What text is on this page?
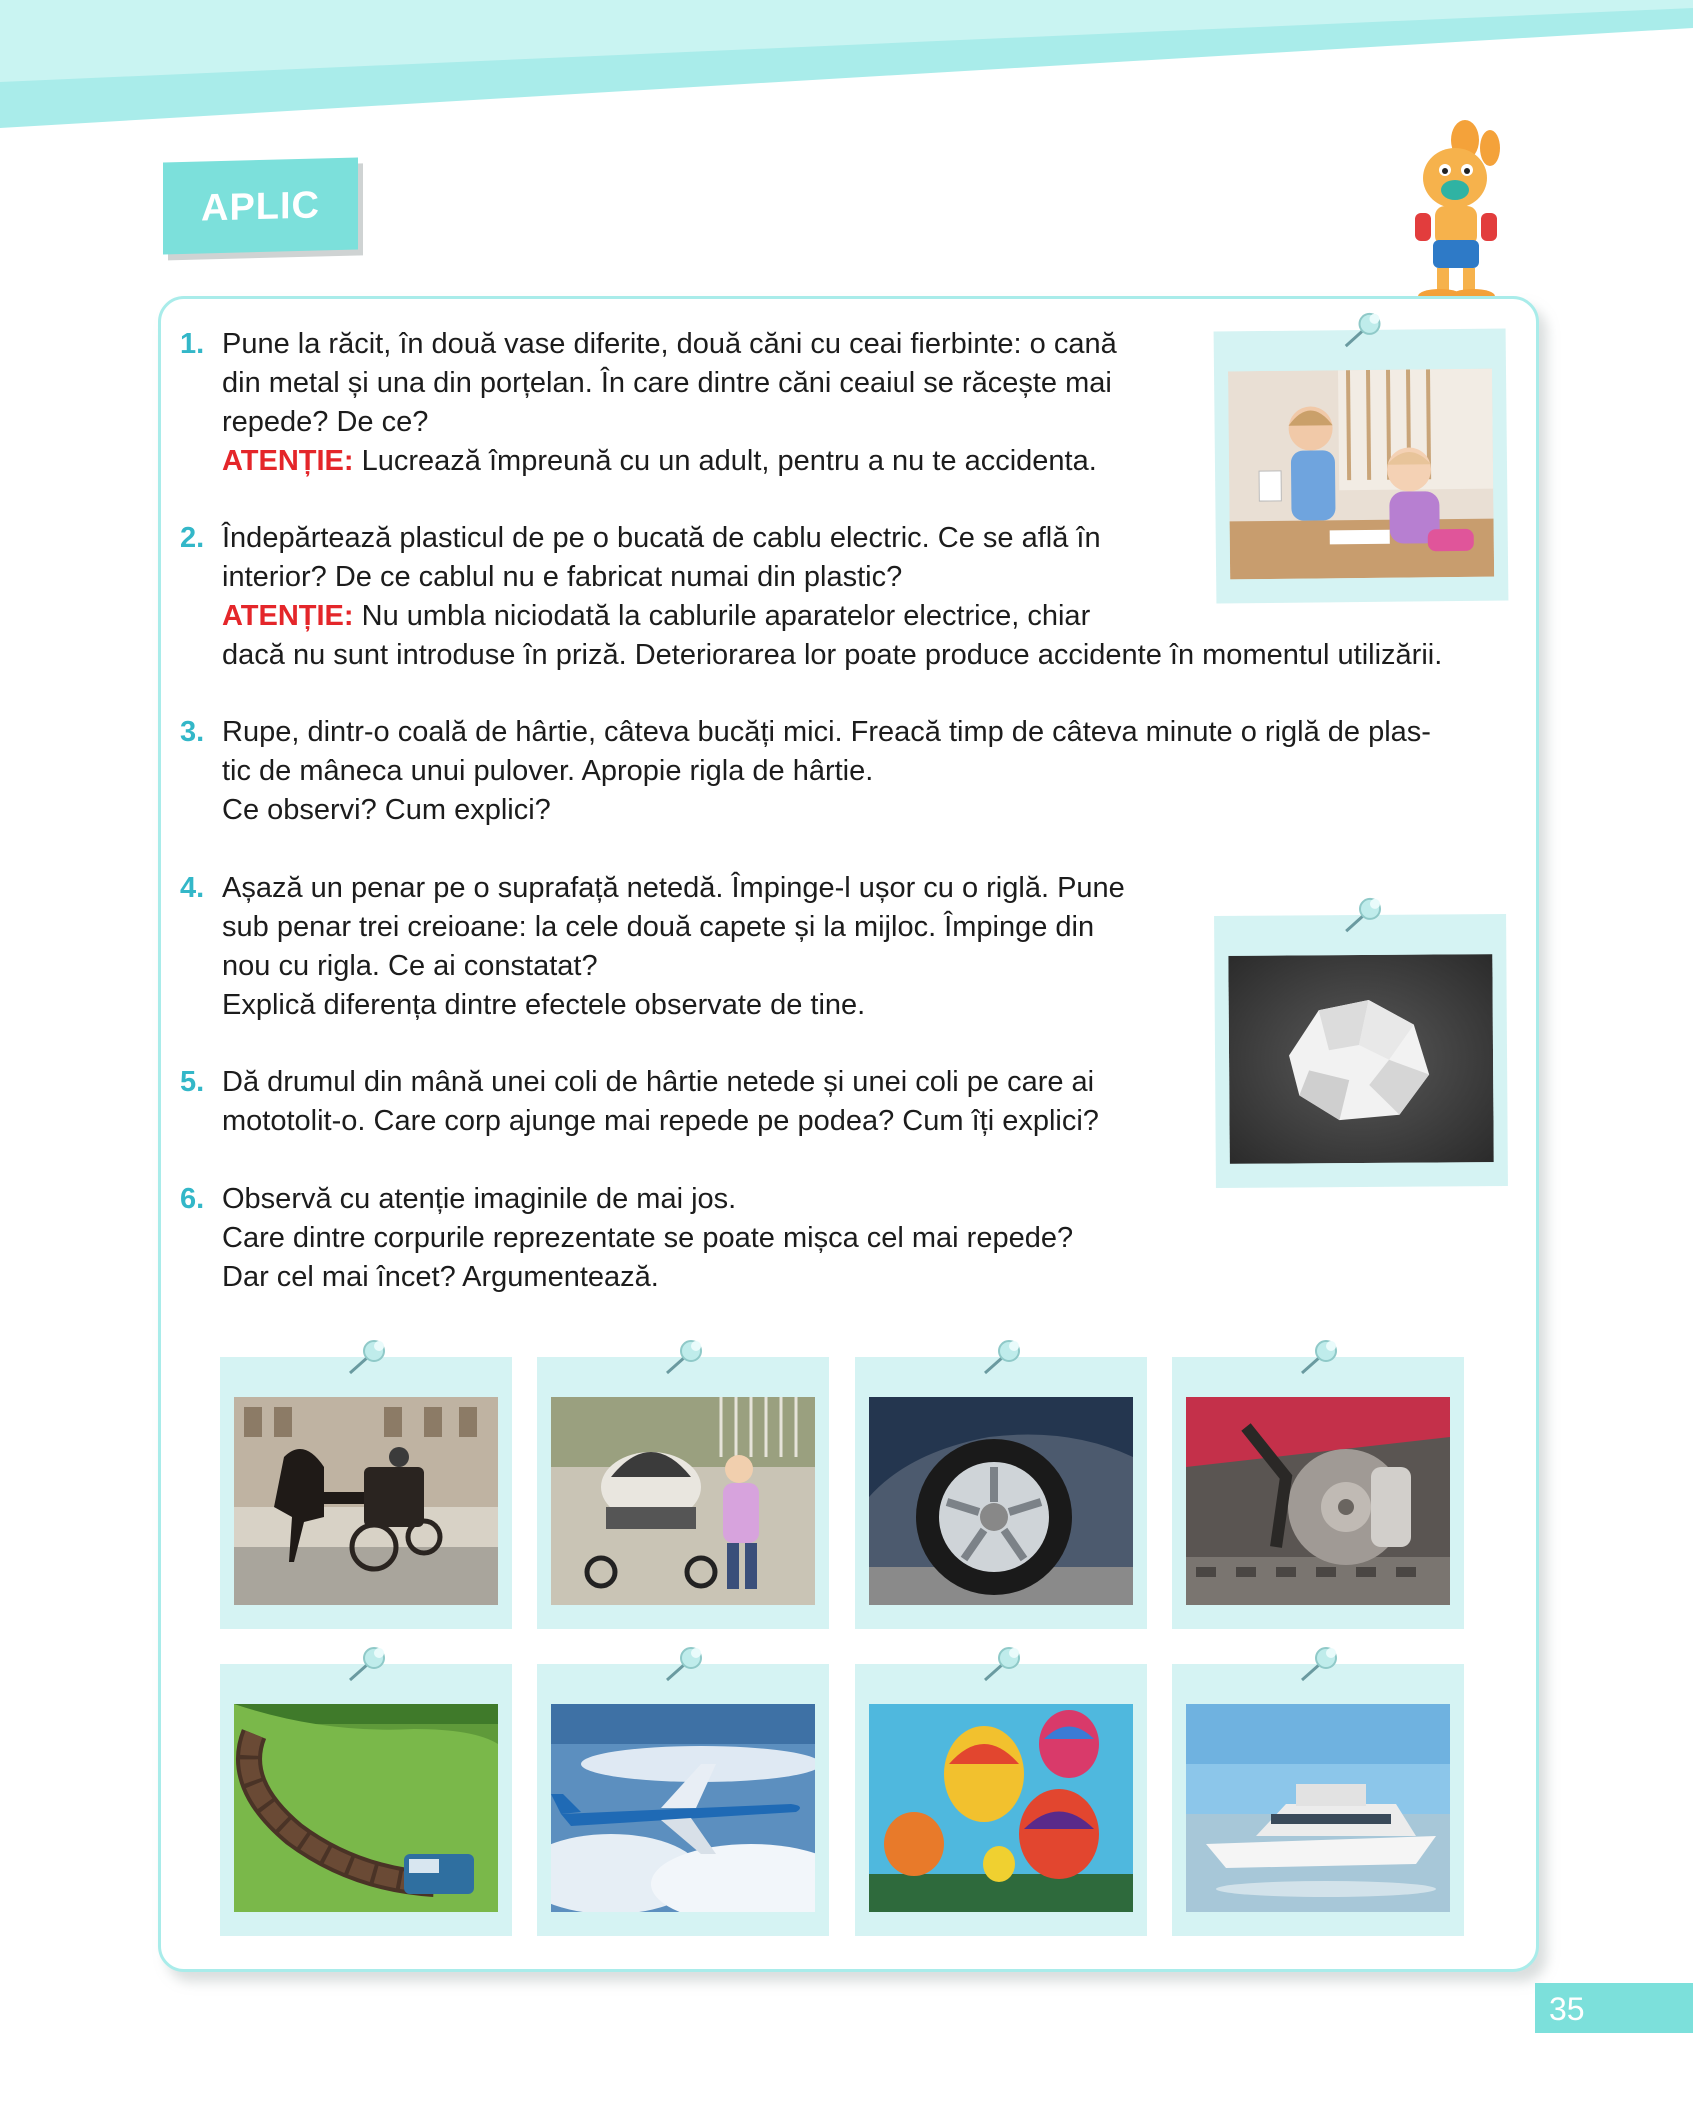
APLIC
1. Pune la răcit, în două vase diferite, două căni cu ceai fierbinte: o cană
din metal și una din porțelan. În care dintre căni ceaiul se răcește mai
repede? De ce?
ATENȚIE: Lucrează împreună cu un adult, pentru a nu te accidenta.
2. Îndepărtează plasticul de pe o bucată de cablu electric. Ce se află în
interior? De ce cablul nu e fabricat numai din plastic?
ATENȚIE: Nu umbla niciodată la cablurile aparatelor electrice, chiar
dacă nu sunt introduse în priză. Deteriorarea lor poate produce accidente în momentul utilizării.
3. Rupe, dintr-o coală de hârtie, câteva bucăți mici. Freacă timp de câteva minute o riglă de plas-
tic de mâneca unui pulover. Apropie rigla de hârtie.
Ce observi? Cum explici?
4. Așază un penar pe o suprafață netedă. Împinge-l ușor cu o riglă. Pune
sub penar trei creioane: la cele două capete și la mijloc. Împinge din
nou cu rigla. Ce ai constatat?
Explică diferența dintre efectele observate de tine.
5. Dă drumul din mână unei coli de hârtie netede și unei coli pe care ai
mototolit-o. Care corp ajunge mai repede pe podea? Cum îți explici?
6. Observă cu atenție imaginile de mai jos.
Care dintre corpurile reprezentate se poate mișca cel mai repede?
Dar cel mai încet? Argumentează.
35
